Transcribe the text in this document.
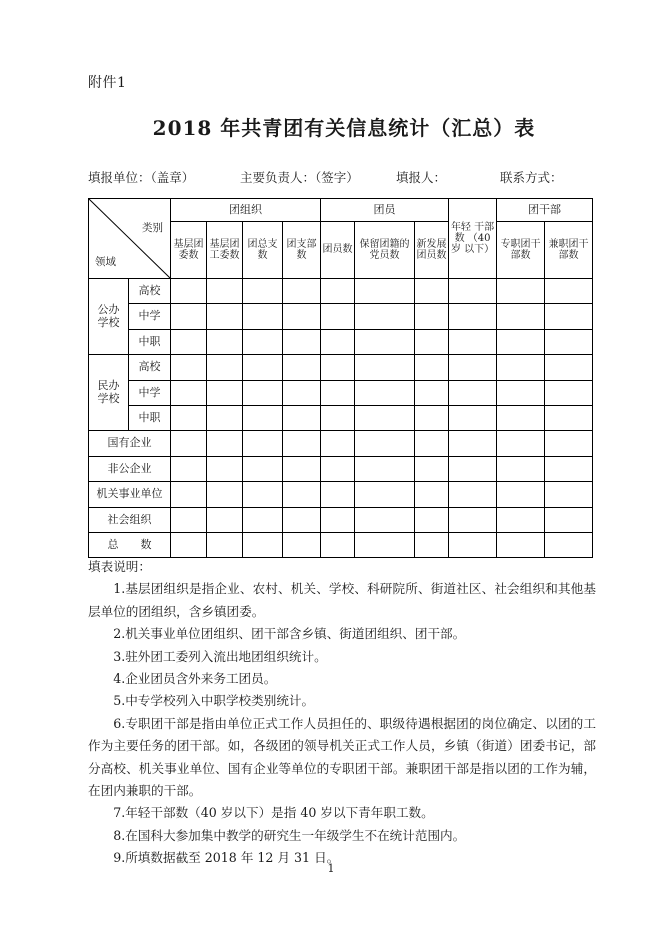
附件1
2018 年共青团有关信息统计（汇总）表
填报单位：（盖章）	主要负责人：（签字）	填报人：	联系方式：
类别
领域		团组织				团员			年轻 干部数 （40 岁 以下）	团干部	
		基层团委数	基层团工委数	团总支数	团支部数	团员数	保留团籍的党员数	新发展团员数		专职团干部数	兼职团干部数
公办
学校	高校										
	中学										
	中职										
民办
学校	高校										
	中学										
	中职										
国有企业											
非公企业											
机关事业单位											
社会组织											
总　　数											

填表说明：

1.基层团组织是指企业、农村、机关、学校、科研院所、街道社区、社会组织和其他基层单位的团组织，含乡镇团委。

2.机关事业单位团组织、团干部含乡镇、街道团组织、团干部。

3.驻外团工委列入流出地团组织统计。

4.企业团员含外来务工团员。

5.中专学校列入中职学校类别统计。

6.专职团干部是指由单位正式工作人员担任的、职级待遇根据团的岗位确定、以团的工作为主要任务的团干部。如，各级团的领导机关正式工作人员，乡镇（街道）团委书记，部分高校、机关事业单位、国有企业等单位的专职团干部。兼职团干部是指以团的工作为辅，在团内兼职的干部。

7.年轻干部数（40 岁以下）是指 40 岁以下青年职工数。

8.在国科大参加集中教学的研究生一年级学生不在统计范围内。

9.所填数据截至 2018 年 12 月 31 日。

1
